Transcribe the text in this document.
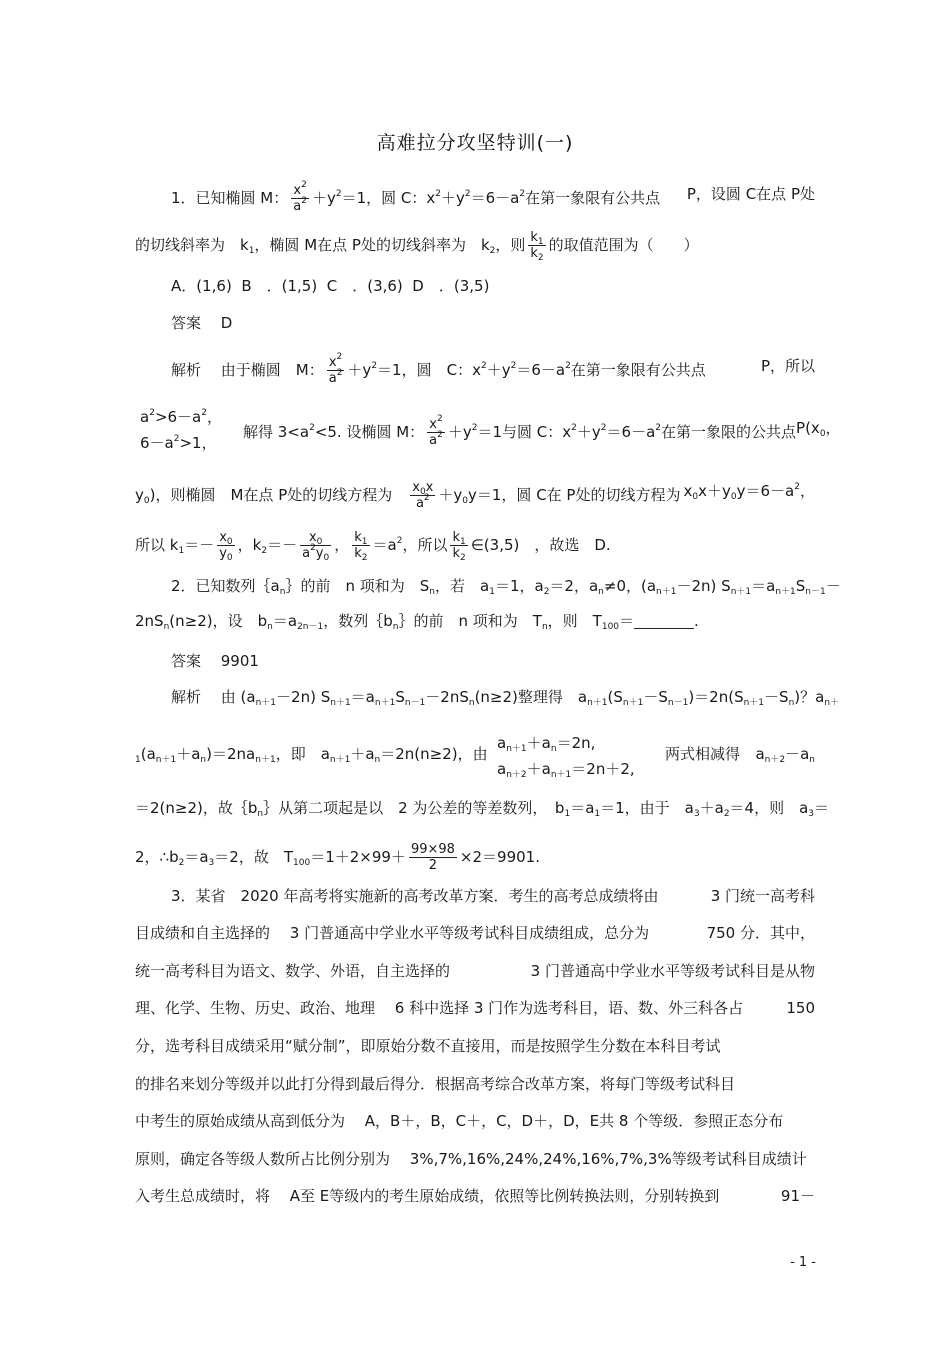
高难拉分攻坚特训(一)
1．已知椭圆 M： $\frac{x^2}{a^2} +y^2=1$，圆 C：$x^2+y^2=6-a^2$在第一象限有公共点 P，设圆 C在点 P处
的切线斜率为　$k_1$，椭圆 M在点 P处的切线斜率为　$k_2$，则 $\frac{k_1}{k_2}$ 的取值范围为（　　）
A．(1,6)  B　．(1,5)  C　．(3,6)  D　．(3,5)
答案　 D
解析　 由于椭圆　M： $\frac{x^2}{a^2} +y^2=1$，圆　C：$x^2+y^2=6-a^2$在第一象限有公共点	P，所以
$a^2>6-a^2$，
$6-a^2>1$，
解得 $3<a^2<5$. 设椭圆 M： $\frac{x^2}{a^2} +y^2=1$与圆 C：$x^2+y^2=6-a^2$在第一象限的公共点 $P(x_0$，
$y_0$)，则椭圆　M在点 P处的切线方程为　 $\frac{x_0x}{a^2} +y_0y=1$，圆 C在 P处的切线方程为 $x_0x+y_0y=6-a^2$，
所以 $k_1=- \frac{x_0}{y_0}$ ，$k_2=- \frac{x_0}{a^2y_0}$ ， $\frac{k_1}{k_2} =a^2$，所以 $\frac{k_1}{k_2}$ ∈(3,5)　，故选　D.
2．已知数列$\{a_n\}$的前　n 项和为　$S_n$，若　$a_1=1$，$a_2=2$，$a_n\ne 0$，$(a_{n+1}-2n)$ $S_{n+1}=a_{n+1}S_{n-1}-$
$2nS_n(n\ge 2)$，设　$b_n=a_{2n-1}$，数列$\{b_n\}$的前　n 项和为　$T_n$，则　$T_{100}=$	.
答案　 9901
解析　 由 $(a_{n+1}-2n)$ $S_{n+1}=a_{n+1}S_{n-1}-2nS_n(n\ge 2)$整理得　$a_{n+1}(S_{n+1}-S_{n-1})=2n(S_{n+1}-S_n)$？ $a_{n+}$
$_1(a_{n+1}+a_n)=2na_{n+1}$，即　$a_{n+1}+a_n=2n(n\ge 2)$，由
$a_{n+1}+a_n=2n$,
$a_{n+2}+a_{n+1}=2n+2$,
两式相减得 $a_{n+2}-a_n$
＝2(n≥2)，故$\{b_n\}$从第二项起是以　2 为公差的等差数列，　$b_1=a_1=1$，由于　$a_3+a_2=4$，则　$a_3=$
2，$\therefore b_2=a_3=2$，故　$T_{100}=1+2\times 99+ \frac{99\times 98}{2} \times 2=9901$.
3．某省　2020 年高考将实施新的高考改革方案．考生的高考总成绩将由	3 门统一高考科
目成绩和自主选择的　 3 门普通高中学业水平等级考试科目成绩组成，总分为	750 分．其中，
统一高考科目为语文、数学、外语，自主选择的	3 门普通高中学业水平等级考试科目是从物
理、化学、生物、历史、政治、地理　 6 科中选择 3 门作为选考科目，语、数、外三科各占	150
分，选考科目成绩采用“赋分制”，即原始分数不直接用，而是按照学生分数在本科目考试
的排名来划分等级并以此打分得到最后得分．根据高考综合改革方案，将每门等级考试科目
中考生的原始成绩从高到低分为　 A，B＋，B，C＋，C，D＋，D，E共 8 个等级．参照正态分布
原则，确定各等级人数所占比例分别为　 3%,7%,16%,24%,24%,16%,7%,3%等级考试科目成绩计
入考生总成绩时，将　 A至 E等级内的考生原始成绩，依照等比例转换法则，分别转换到	91－
- 1 -
